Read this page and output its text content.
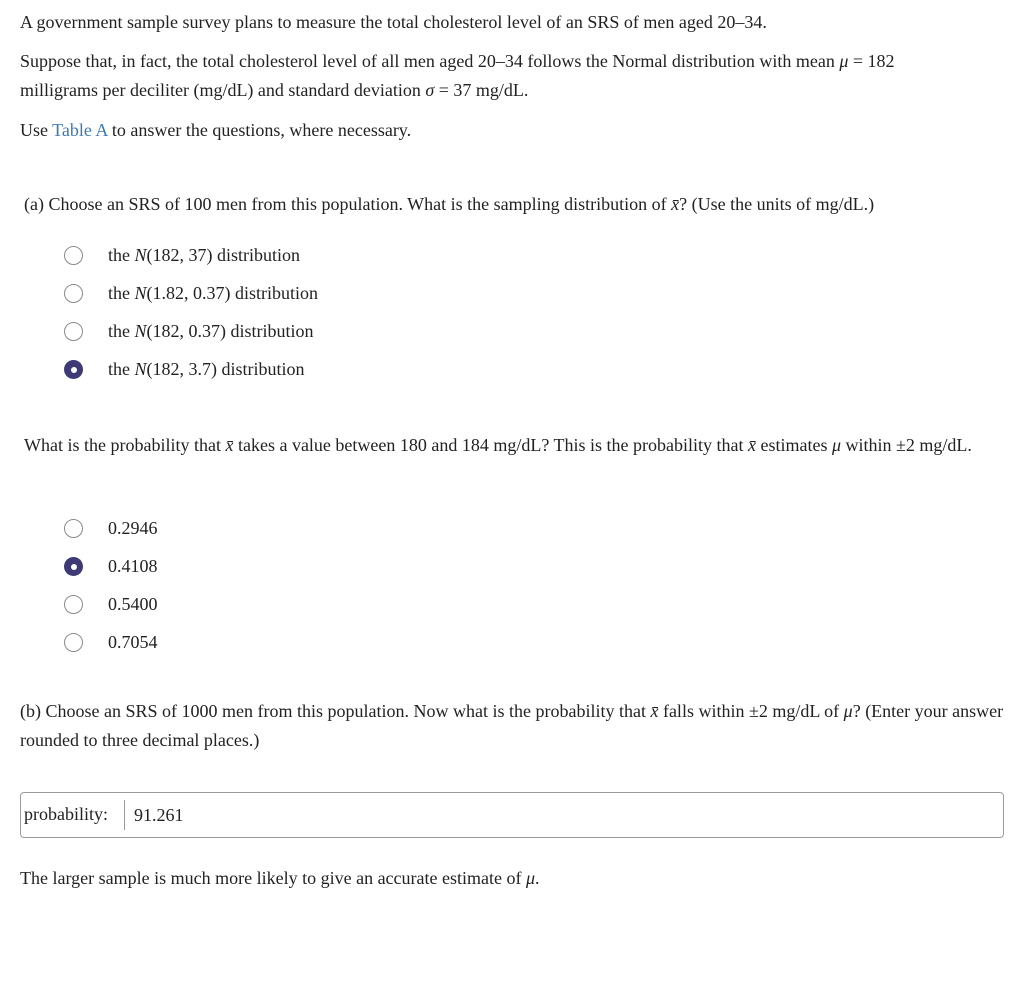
A government sample survey plans to measure the total cholesterol level of an SRS of men aged 20–34.

Suppose that, in fact, the total cholesterol level of all men aged 20–34 follows the Normal distribution with mean μ = 182
milligrams per deciliter (mg/dL) and standard deviation σ = 37 mg/dL.

Use Table A to answer the questions, where necessary.

(a) Choose an SRS of 100 men from this population. What is the sampling distribution of x̄? (Use the units of mg/dL.)

the N(182, 37) distribution
the N(1.82, 0.37) distribution
the N(182, 0.37) distribution
the N(182, 3.7) distribution

What is the probability that x̄ takes a value between 180 and 184 mg/dL? This is the probability that x̄ estimates μ within ±2 mg/dL.

0.2946
0.4108
0.5400
0.7054

(b) Choose an SRS of 1000 men from this population. Now what is the probability that x̄ falls within ±2 mg/dL of μ? (Enter your answer rounded to three decimal places.)

probability:
91.261

The larger sample is much more likely to give an accurate estimate of μ.
